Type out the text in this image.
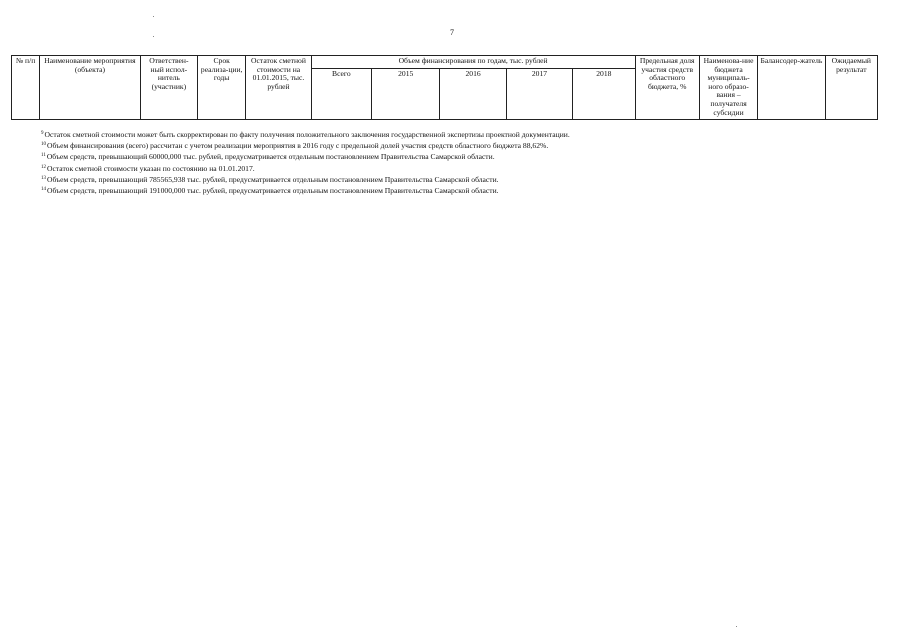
7
№ п/п	Наименование мероприятия (объекта)	Ответствен-ный испол-нитель (участник)	Срок реализа-ции, годы	Остаток сметной стоимости на 01.01.2015, тыс. рублей	Объем финансирования по годам, тыс. рублей					Предельная доля участия средств областного бюджета, %	Наименова-ние бюджета муниципаль-ного образо-вания – получателя субсидии	Балансодер-жатель	Ожидаемый результат
					Всего	2015	2016	2017	2018				
$^9$Остаток сметной стоимости может быть скорректирован по факту получения положительного заключения государственной экспертизы проектной документации.
$^{10}$Объем финансирования (всего) рассчитан с учетом реализации мероприятия в 2016 году с предельной долей участия средств областного бюджета 88,62%.
$^{11}$Объем средств, превышающий 60000,000 тыс. рублей, предусматривается отдельным постановлением Правительства Самарской области.
$^{12}$Остаток сметной стоимости указан по состоянию на 01.01.2017.
$^{13}$Объем средств, превышающий 785565,938 тыс. рублей, предусматривается отдельным постановлением Правительства Самарской области.
$^{14}$Объем средств, превышающий 191000,000 тыс. рублей, предусматривается отдельным постановлением Правительства Самарской области.
